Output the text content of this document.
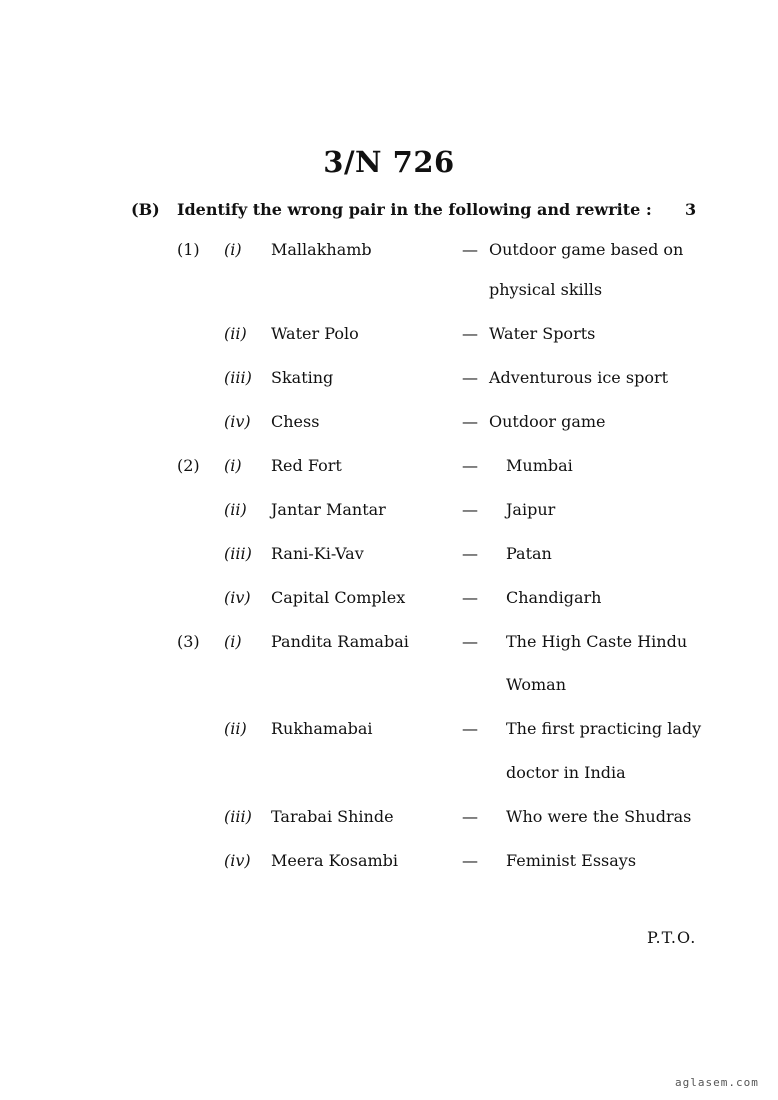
3/N 726
(B) Identify the wrong pair in the following and rewrite : 3
(1) (i) Mallakhamb	— Outdoor game based on
physical skills
(ii) Water Polo	— Water Sports
(iii) Skating	— Adventurous ice sport
(iv) Chess	— Outdoor game
(2) (i) Red Fort	— Mumbai
(ii) Jantar Mantar	— Jaipur
(iii) Rani-Ki-Vav	— Patan
(iv) Capital Complex	— Chandigarh
(3) (i) Pandita Ramabai	— The High Caste Hindu
Woman
(ii) Rukhamabai	— The first practicing lady
doctor in India
(iii) Tarabai Shinde	— Who were the Shudras
(iv) Meera Kosambi	— Feminist Essays
P.T.O.
aglasem.com
